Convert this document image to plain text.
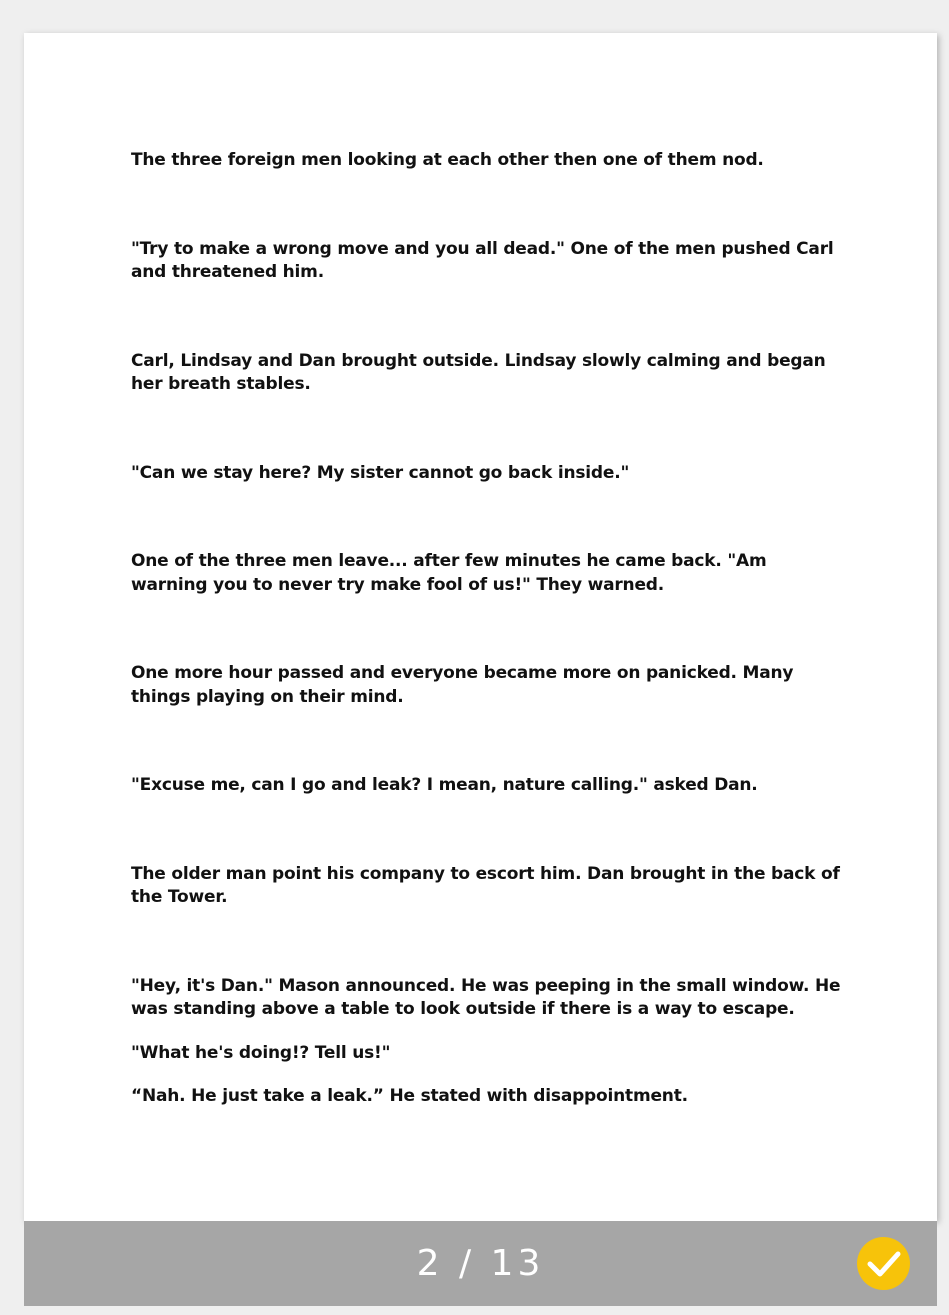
The three foreign men looking at each other then one of them nod.

"Try to make a wrong move and you all dead." One of the men pushed Carl and threatened him.

Carl, Lindsay and Dan brought outside. Lindsay slowly calming and began her breath stables.

"Can we stay here? My sister cannot go back inside."

One of the three men leave... after few minutes he came back. "Am warning you to never try make fool of us!" They warned.

One more hour passed and everyone became more on panicked. Many things playing on their mind.

"Excuse me, can I go and leak? I mean, nature calling." asked Dan.

The older man point his company to escort him. Dan brought in the back of the Tower.

"Hey, it's Dan." Mason announced. He was peeping in the small window. He was standing above a table to look outside if there is a way to escape.

"What he's doing!? Tell us!"

“Nah. He just take a leak.” He stated with disappointment.

2 / 13
